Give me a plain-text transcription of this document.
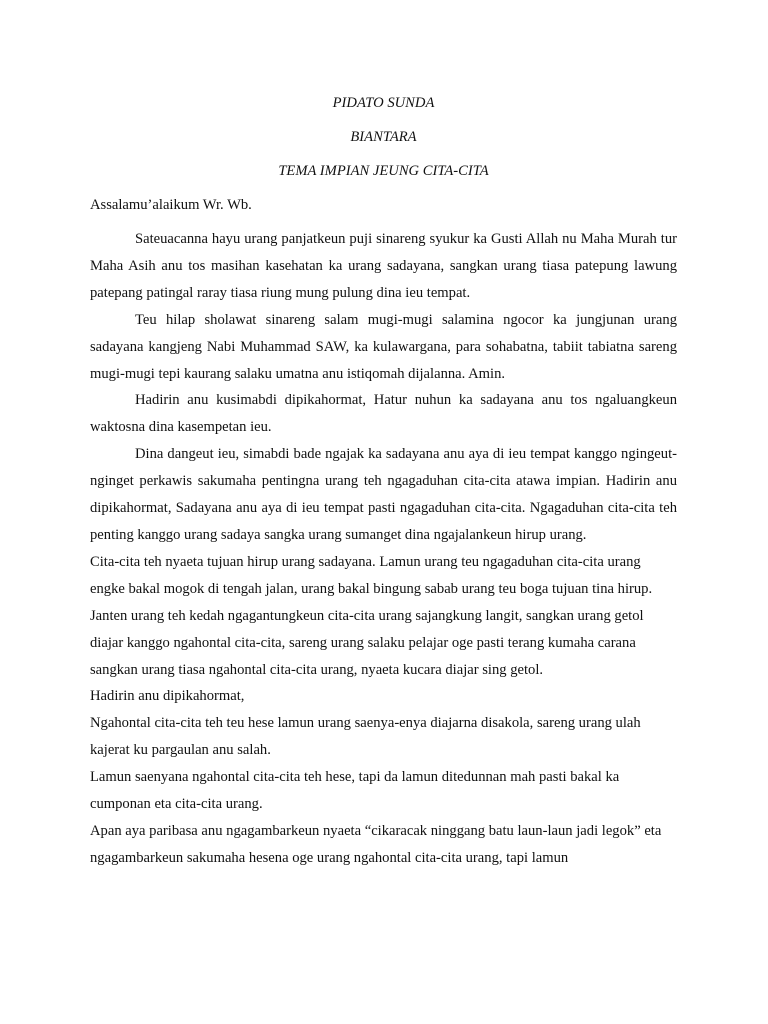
PIDATO SUNDA

BIANTARA

TEMA IMPIAN JEUNG CITA-CITA

Assalamu’alaikum Wr. Wb.

Sateuacanna hayu urang panjatkeun puji sinareng syukur ka Gusti Allah nu Maha Murah tur Maha Asih anu tos masihan kasehatan ka urang sadayana, sangkan urang tiasa patepung lawung patepang patingal raray tiasa riung mung pulung dina ieu tempat.

Teu hilap sholawat sinareng salam mugi-mugi salamina ngocor ka jungjunan urang sadayana kangjeng Nabi Muhammad SAW, ka kulawargana, para sohabatna, tabiit tabiatna sareng mugi-mugi tepi kaurang salaku umatna anu istiqomah dijalanna. Amin.

Hadirin anu kusimabdi dipikahormat, Hatur nuhun ka sadayana anu tos ngaluangkeun waktosna dina kasempetan ieu.

Dina dangeut ieu, simabdi bade ngajak ka sadayana anu aya di ieu tempat kanggo ngingeut-nginget perkawis sakumaha pentingna urang teh ngagaduhan cita-cita atawa impian. Hadirin anu dipikahormat, Sadayana anu aya di ieu tempat pasti ngagaduhan cita-cita. Ngagaduhan cita-cita teh penting kanggo urang sadaya sangka urang sumanget dina ngajalankeun hirup urang.

Cita-cita teh nyaeta tujuan hirup urang sadayana. Lamun urang teu ngagaduhan cita-cita urang engke bakal mogok di tengah jalan, urang bakal bingung sabab urang teu boga tujuan tina hirup. Janten urang teh kedah ngagantungkeun cita-cita urang sajangkung langit, sangkan urang getol diajar kanggo ngahontal cita-cita, sareng urang salaku pelajar oge pasti terang kumaha carana sangkan urang tiasa ngahontal cita-cita urang, nyaeta kucara diajar sing getol.

Hadirin anu dipikahormat,

Ngahontal cita-cita teh teu hese lamun urang saenya-enya diajarna disakola, sareng urang ulah kajerat ku pargaulan anu salah.

Lamun saenyana ngahontal cita-cita teh hese, tapi da lamun ditedunnan mah pasti bakal ka cumponan eta cita-cita urang.

Apan aya paribasa anu ngagambarkeun nyaeta “cikaracak ninggang batu laun-laun jadi legok” eta ngagambarkeun sakumaha hesena oge urang ngahontal cita-cita urang, tapi lamun
